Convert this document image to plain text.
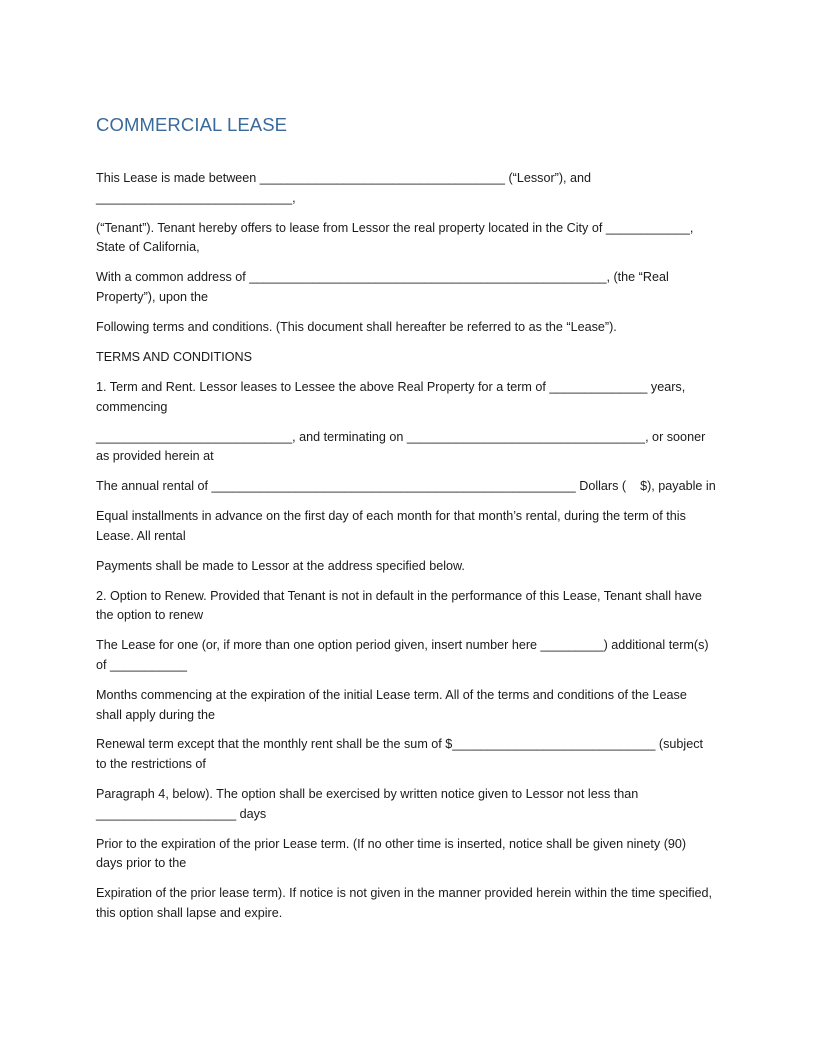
COMMERCIAL LEASE

This Lease is made between ___________________________________ (“Lessor”), and ____________________________,

(“Tenant”). Tenant hereby offers to lease from Lessor the real property located in the City of ____________, State of California,

With a common address of ___________________________________________________, (the “Real Property”), upon the

Following terms and conditions. (This document shall hereafter be referred to as the “Lease”).

TERMS AND CONDITIONS

1. Term and Rent. Lessor leases to Lessee the above Real Property for a term of ______________ years, commencing

____________________________, and terminating on __________________________________, or sooner as provided herein at

The annual rental of ____________________________________________________ Dollars (    $), payable in

Equal installments in advance on the first day of each month for that month’s rental, during the term of this Lease. All rental

Payments shall be made to Lessor at the address specified below.

2. Option to Renew. Provided that Tenant is not in default in the performance of this Lease, Tenant shall have the option to renew

The Lease for one (or, if more than one option period given, insert number here _________) additional term(s) of ___________

Months commencing at the expiration of the initial Lease term. All of the terms and conditions of the Lease shall apply during the

Renewal term except that the monthly rent shall be the sum of $_____________________________ (subject to the restrictions of

Paragraph 4, below). The option shall be exercised by written notice given to Lessor not less than ____________________ days

Prior to the expiration of the prior Lease term. (If no other time is inserted, notice shall be given ninety (90) days prior to the

Expiration of the prior lease term). If notice is not given in the manner provided herein within the time specified, this option shall lapse and expire.
